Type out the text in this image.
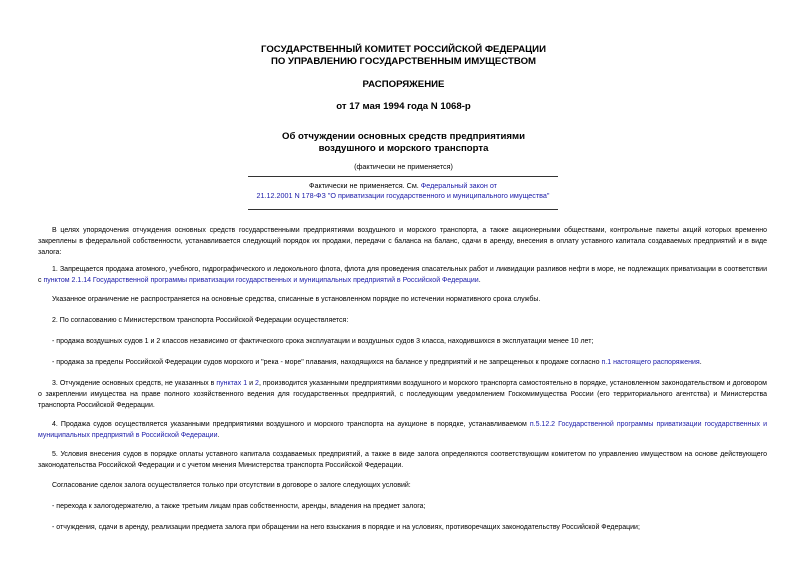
ГОСУДАРСТВЕННЫЙ КОМИТЕТ РОССИЙСКОЙ ФЕДЕРАЦИИ
ПО УПРАВЛЕНИЮ ГОСУДАРСТВЕННЫМ ИМУЩЕСТВОМ
РАСПОРЯЖЕНИЕ
от 17 мая 1994 года N 1068-р
Об отчуждении основных средств предприятиями
воздушного и морского транспорта
(фактически не применяется)
Фактически не применяется. См. Федеральный закон от
21.12.2001 N 178-ФЗ "О приватизации государственного и муниципального имущества"
В целях упорядочения отчуждения основных средств государственными предприятиями воздушного и морского транспорта, а также акционерными обществами, контрольные пакеты акций которых временно закреплены в федеральной собственности, устанавливается следующий порядок их продажи, передачи с баланса на баланс, сдачи в аренду, внесения в оплату уставного капитала создаваемых предприятий и в виде залога:
1. Запрещается продажа атомного, учебного, гидрографического и ледокольного флота, флота для проведения спасательных работ и ликвидации разливов нефти в море, не подлежащих приватизации в соответствии с пунктом 2.1.14 Государственной программы приватизации государственных и муниципальных предприятий в Российской Федерации.
Указанное ограничение не распространяется на основные средства, списанные в установленном порядке по истечении нормативного срока службы.
2. По согласованию с Министерством транспорта Российской Федерации осуществляется:
- продажа воздушных судов 1 и 2 классов независимо от фактического срока эксплуатации и воздушных судов 3 класса, находившихся в эксплуатации менее 10 лет;
- продажа за пределы Российской Федерации судов морского и "река - море" плавания, находящихся на балансе у предприятий и не запрещенных к продаже согласно п.1 настоящего распоряжения.
3. Отчуждение основных средств, не указанных в пунктах 1 и 2, производится указанными предприятиями воздушного и морского транспорта самостоятельно в порядке, установленном законодательством и договором о закреплении имущества на праве полного хозяйственного ведения для государственных предприятий, с последующим уведомлением Госкомимущества России (его территориального агентства) и Министерства транспорта Российской Федерации.
4. Продажа судов осуществляется указанными предприятиями воздушного и морского транспорта на аукционе в порядке, устанавливаемом п.5.12.2 Государственной программы приватизации государственных и муниципальных предприятий в Российской Федерации.
5. Условия внесения судов в порядке оплаты уставного капитала создаваемых предприятий, а также в виде залога определяются соответствующим комитетом по управлению имуществом на основе действующего законодательства Российской Федерации и с учетом мнения Министерства транспорта Российской Федерации.
Согласование сделок залога осуществляется только при отсутствии в договоре о залоге следующих условий:
- перехода к залогодержателю, а также третьим лицам прав собственности, аренды, владения на предмет залога;
- отчуждения, сдачи в аренду, реализации предмета залога при обращении на него взыскания в порядке и на условиях, противоречащих законодательству Российской Федерации;
